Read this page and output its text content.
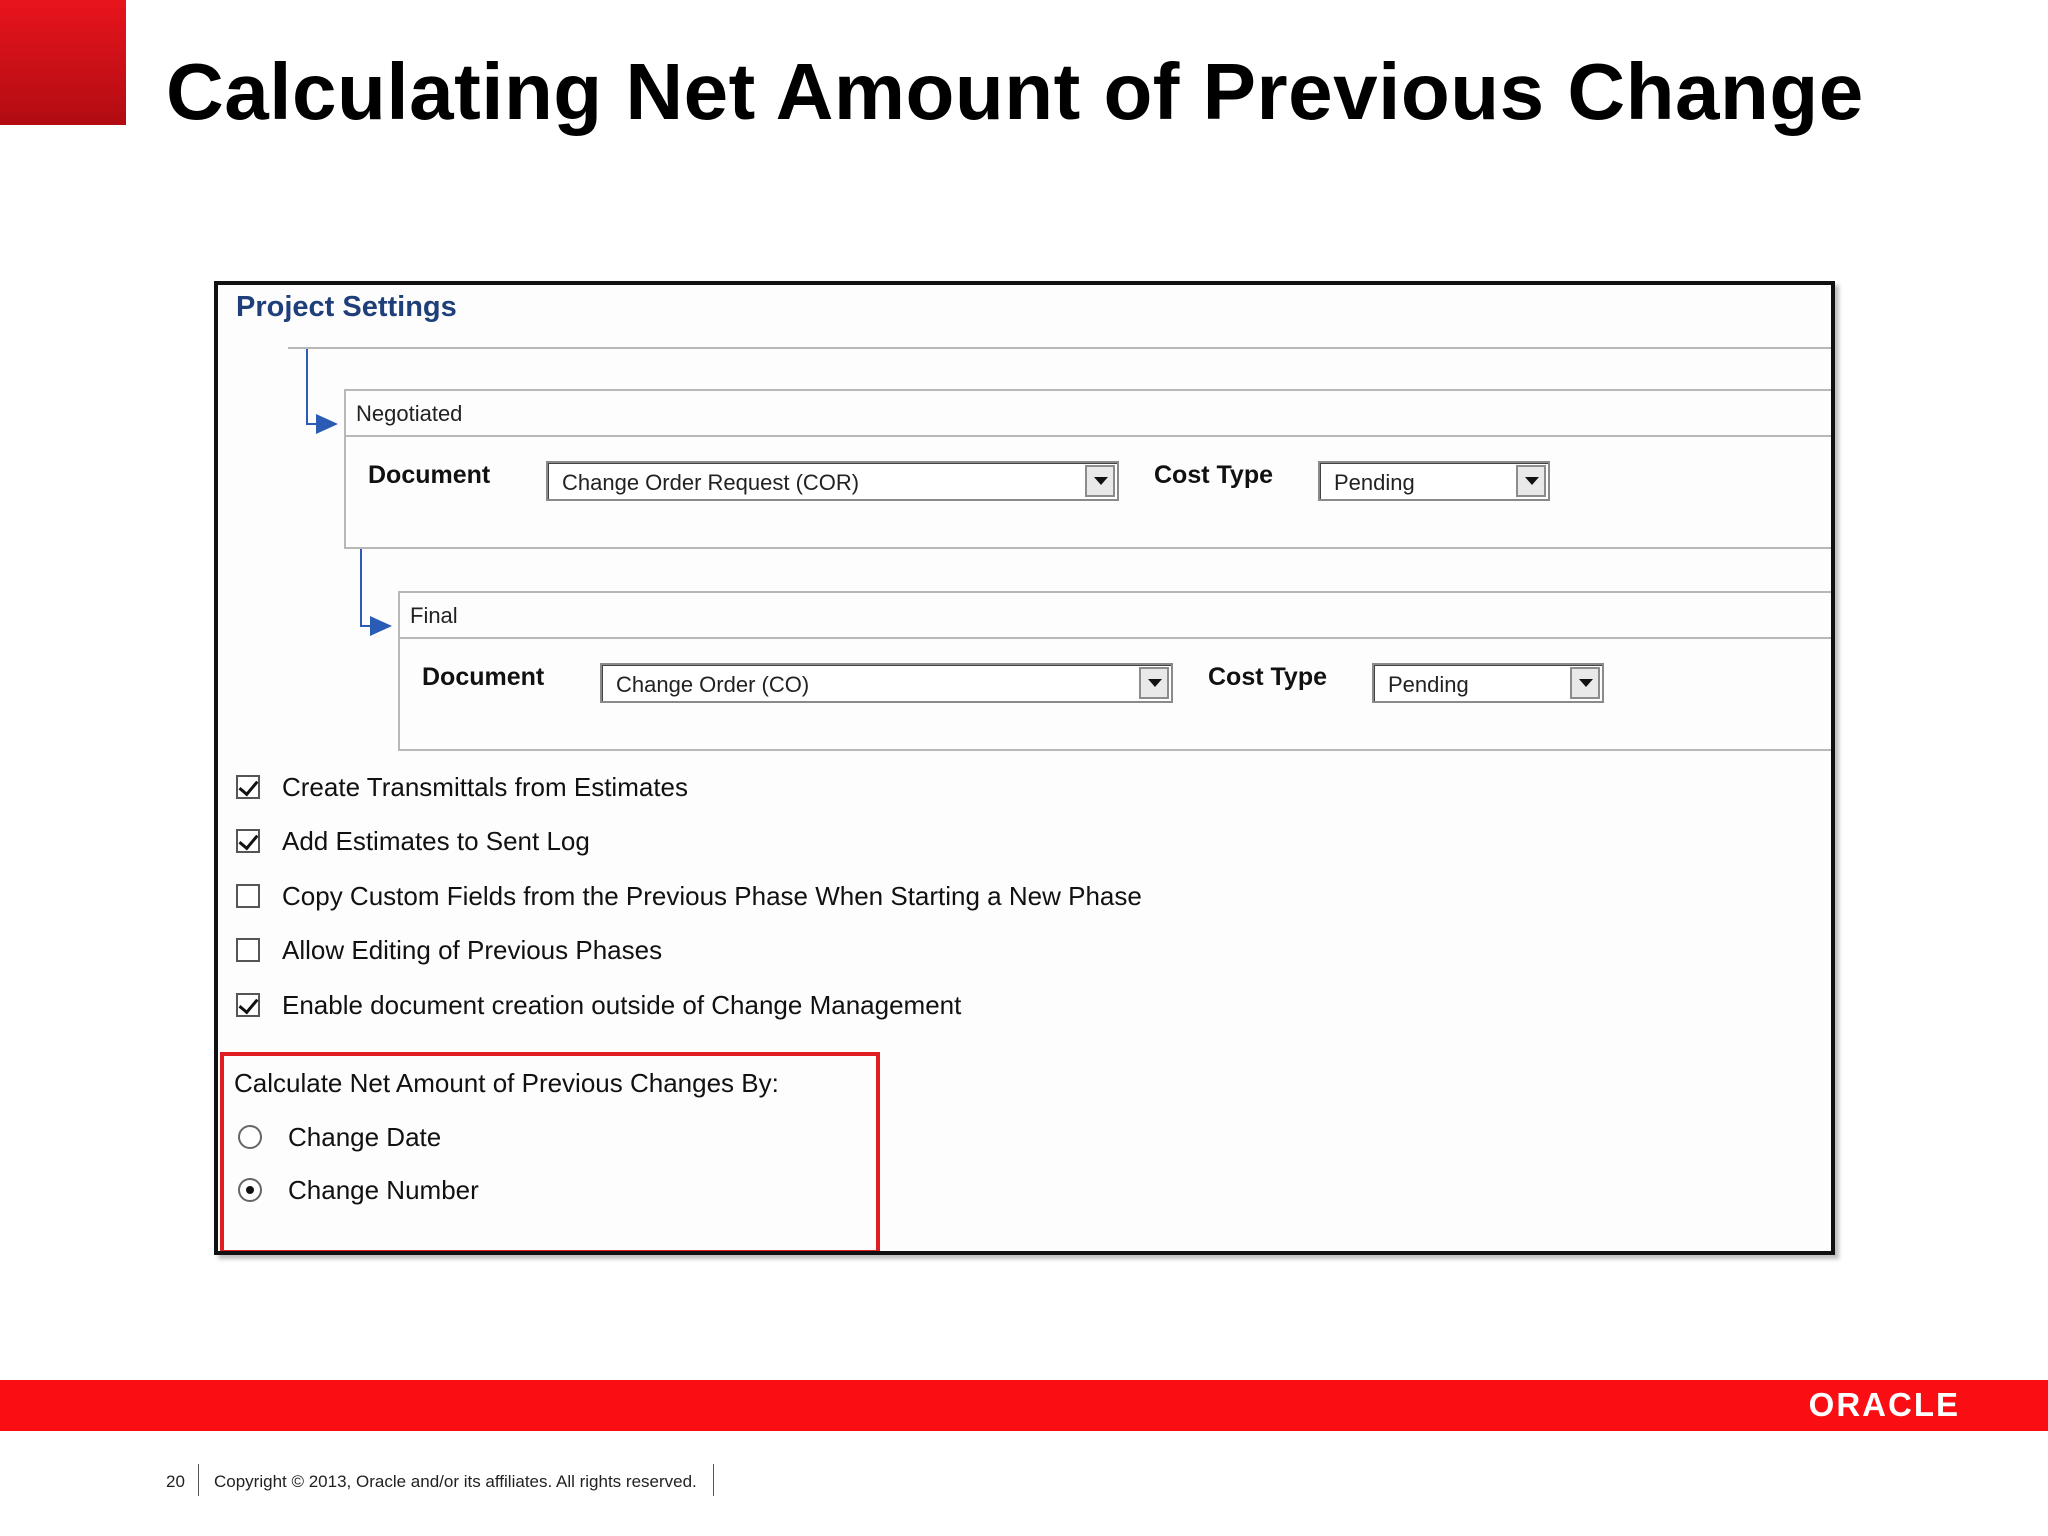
Calculating Net Amount of Previous Change
Project Settings
Negotiated
Document	Change Order Request (COR)	Cost Type	Pending
Final
Document	Change Order (CO)	Cost Type	Pending
Create Transmittals from Estimates
Add Estimates to Sent Log
Copy Custom Fields from the Previous Phase When Starting a New Phase
Allow Editing of Previous Phases
Enable document creation outside of Change Management
Calculate Net Amount of Previous Changes By:
Change Date
Change Number
ORACLE
20 Copyright © 2013, Oracle and/or its affiliates. All rights reserved.
